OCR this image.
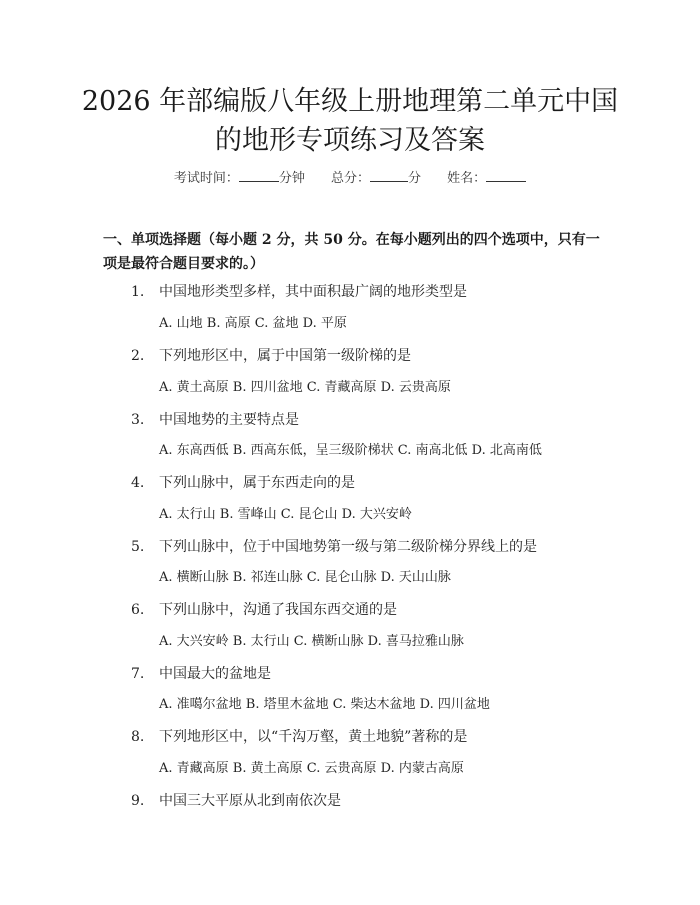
2026 年部编版八年级上册地理第二单元中国
的地形专项练习及答案
考试时间：	分钟 总分：	分 姓名：
一、单项选择题（每小题 2 分，共 50 分。在每小题列出的四个选项中，只有一项是最符合题目要求的。）
1. 中国地形类型多样，其中面积最广阔的地形类型是
A. 山地 B. 高原 C. 盆地 D. 平原
2. 下列地形区中，属于中国第一级阶梯的是
A. 黄土高原 B. 四川盆地 C. 青藏高原 D. 云贵高原
3. 中国地势的主要特点是
A. 东高西低 B. 西高东低，呈三级阶梯状 C. 南高北低 D. 北高南低
4. 下列山脉中，属于东西走向的是
A. 太行山 B. 雪峰山 C. 昆仑山 D. 大兴安岭
5. 下列山脉中，位于中国地势第一级与第二级阶梯分界线上的是
A. 横断山脉 B. 祁连山脉 C. 昆仑山脉 D. 天山山脉
6. 下列山脉中，沟通了我国东西交通的是
A. 大兴安岭 B. 太行山 C. 横断山脉 D. 喜马拉雅山脉
7. 中国最大的盆地是
A. 准噶尔盆地 B. 塔里木盆地 C. 柴达木盆地 D. 四川盆地
8. 下列地形区中，以“千沟万壑，黄土地貌”著称的是
A. 青藏高原 B. 黄土高原 C. 云贵高原 D. 内蒙古高原
9. 中国三大平原从北到南依次是
